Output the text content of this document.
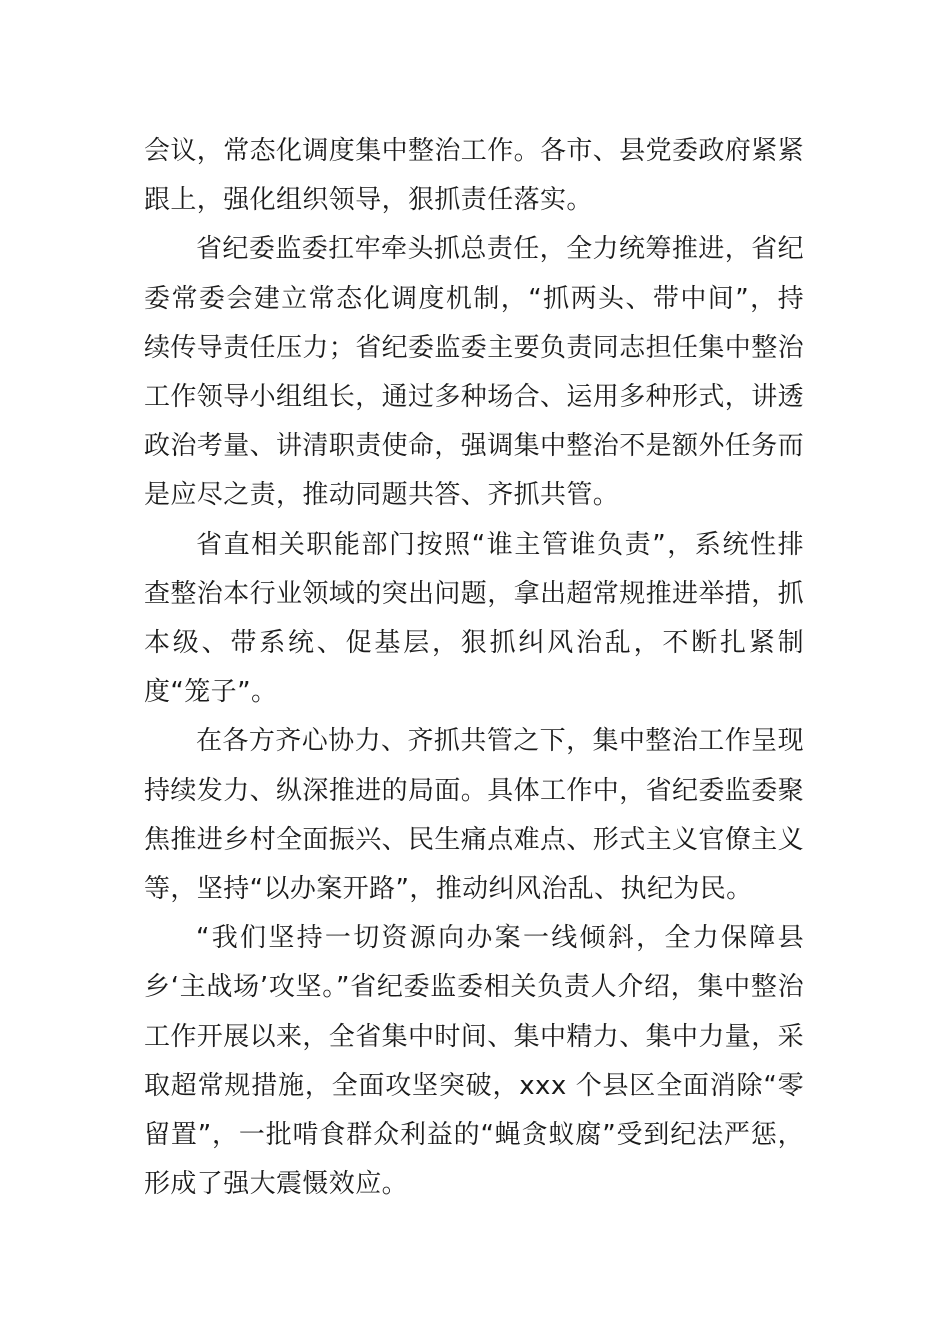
会议，常态化调度集中整治工作。各市、县党委政府紧紧跟上，强化组织领导，狠抓责任落实。

省纪委监委扛牢牵头抓总责任，全力统筹推进，省纪委常委会建立常态化调度机制，“抓两头、带中间”，持续传导责任压力；省纪委监委主要负责同志担任集中整治工作领导小组组长，通过多种场合、运用多种形式，讲透政治考量、讲清职责使命，强调集中整治不是额外任务而是应尽之责，推动同题共答、齐抓共管。

省直相关职能部门按照“谁主管谁负责”，系统性排查整治本行业领域的突出问题，拿出超常规推进举措，抓本级、带系统、促基层，狠抓纠风治乱，不断扎紧制度“笼子”。

在各方齐心协力、齐抓共管之下，集中整治工作呈现持续发力、纵深推进的局面。具体工作中，省纪委监委聚焦推进乡村全面振兴、民生痛点难点、形式主义官僚主义等，坚持“以办案开路”，推动纠风治乱、执纪为民。

“我们坚持一切资源向办案一线倾斜，全力保障县乡‘主战场’攻坚。”省纪委监委相关负责人介绍，集中整治工作开展以来，全省集中时间、集中精力、集中力量，采取超常规措施，全面攻坚突破，xxx 个县区全面消除“零留置”，一批啃食群众利益的“蝇贪蚁腐”受到纪法严惩，形成了强大震慑效应。
